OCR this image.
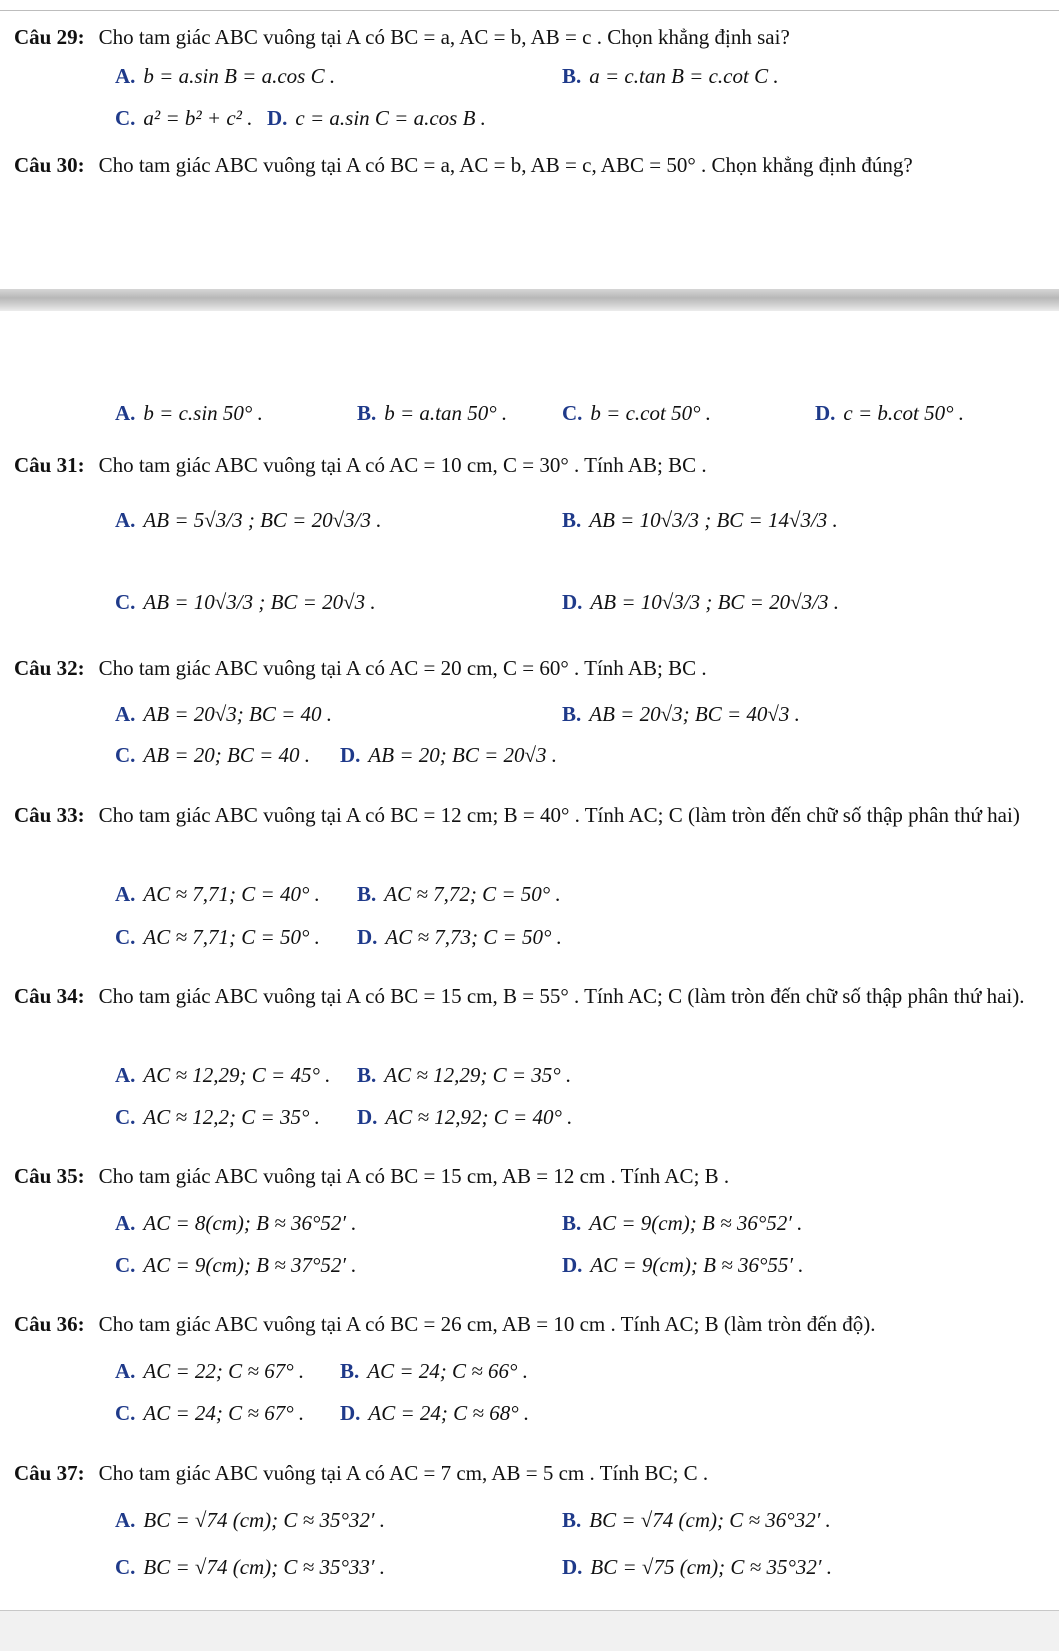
Câu 29: Cho tam giác ABC vuông tại A có BC = a, AC = b, AB = c . Chọn khẳng định sai?
A. b = a.sin B = a.cos C .	B. a = c.tan B = c.cot C .
C. a² = b² + c² . D. c = a.sin C = a.cos B .
Câu 30: Cho tam giác ABC vuông tại A có BC = a, AC = b, AB = c, ABC = 50° . Chọn khẳng định đúng?
A. b = c.sin 50° .	B. b = a.tan 50° .	C. b = c.cot 50° .	D. c = b.cot 50° .
Câu 31: Cho tam giác ABC vuông tại A có AC = 10 cm, C = 30° . Tính AB; BC .
A. AB = 5√3/3 ; BC = 20√3/3 .	B. AB = 10√3/3 ; BC = 14√3/3 .
C. AB = 10√3/3 ; BC = 20√3 .	D. AB = 10√3/3 ; BC = 20√3/3 .
Câu 32: Cho tam giác ABC vuông tại A có AC = 20 cm, C = 60° . Tính AB; BC .
A. AB = 20√3; BC = 40 .	B. AB = 20√3; BC = 40√3 .
C. AB = 20; BC = 40 . D. AB = 20; BC = 20√3 .
Câu 33: Cho tam giác ABC vuông tại A có BC = 12 cm; B = 40° . Tính AC; C (làm tròn đến chữ số thập phân thứ hai)
A. AC ≈ 7,71; C = 40° . B. AC ≈ 7,72; C = 50° .
C. AC ≈ 7,71; C = 50° . D. AC ≈ 7,73; C = 50° .
Câu 34: Cho tam giác ABC vuông tại A có BC = 15 cm, B = 55° . Tính AC; C (làm tròn đến chữ số thập phân thứ hai).
A. AC ≈ 12,29; C = 45° . B. AC ≈ 12,29; C = 35° .
C. AC ≈ 12,2; C = 35° . D. AC ≈ 12,92; C = 40° .
Câu 35: Cho tam giác ABC vuông tại A có BC = 15 cm, AB = 12 cm . Tính AC; B .
A. AC = 8(cm); B ≈ 36°52′ .	B. AC = 9(cm); B ≈ 36°52′ .
C. AC = 9(cm); B ≈ 37°52′ .	D. AC = 9(cm); B ≈ 36°55′ .
Câu 36: Cho tam giác ABC vuông tại A có BC = 26 cm, AB = 10 cm . Tính AC; B (làm tròn đến độ).
A. AC = 22; C ≈ 67° . B. AC = 24; C ≈ 66° .
C. AC = 24; C ≈ 67° . D. AC = 24; C ≈ 68° .
Câu 37: Cho tam giác ABC vuông tại A có AC = 7 cm, AB = 5 cm . Tính BC; C .
A. BC = √74 (cm); C ≈ 35°32′ .	B. BC = √74 (cm); C ≈ 36°32′ .
C. BC = √74 (cm); C ≈ 35°33′ .	D. BC = √75 (cm); C ≈ 35°32′ .
